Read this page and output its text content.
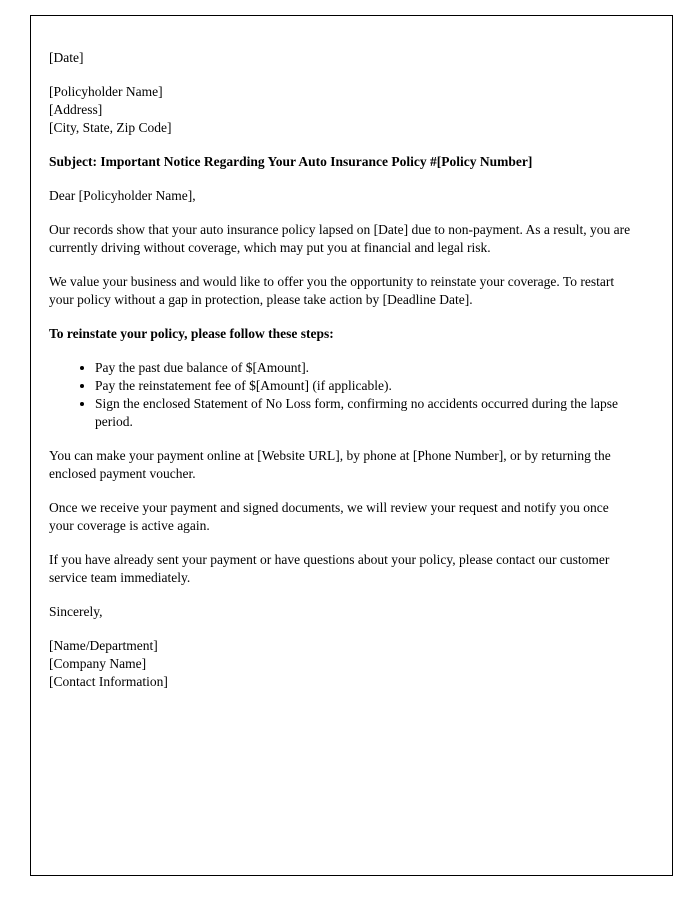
[Date]

[Policyholder Name]
[Address]
[City, State, Zip Code]

Subject: Important Notice Regarding Your Auto Insurance Policy #[Policy Number]

Dear [Policyholder Name],

Our records show that your auto insurance policy lapsed on [Date] due to non-payment. As a result, you are currently driving without coverage, which may put you at financial and legal risk.

We value your business and would like to offer you the opportunity to reinstate your coverage. To restart your policy without a gap in protection, please take action by [Deadline Date].

To reinstate your policy, please follow these steps:

• Pay the past due balance of $[Amount].
• Pay the reinstatement fee of $[Amount] (if applicable).
• Sign the enclosed Statement of No Loss form, confirming no accidents occurred during the lapse period.

You can make your payment online at [Website URL], by phone at [Phone Number], or by returning the enclosed payment voucher.

Once we receive your payment and signed documents, we will review your request and notify you once your coverage is active again.

If you have already sent your payment or have questions about your policy, please contact our customer service team immediately.

Sincerely,

[Name/Department]
[Company Name]
[Contact Information]
